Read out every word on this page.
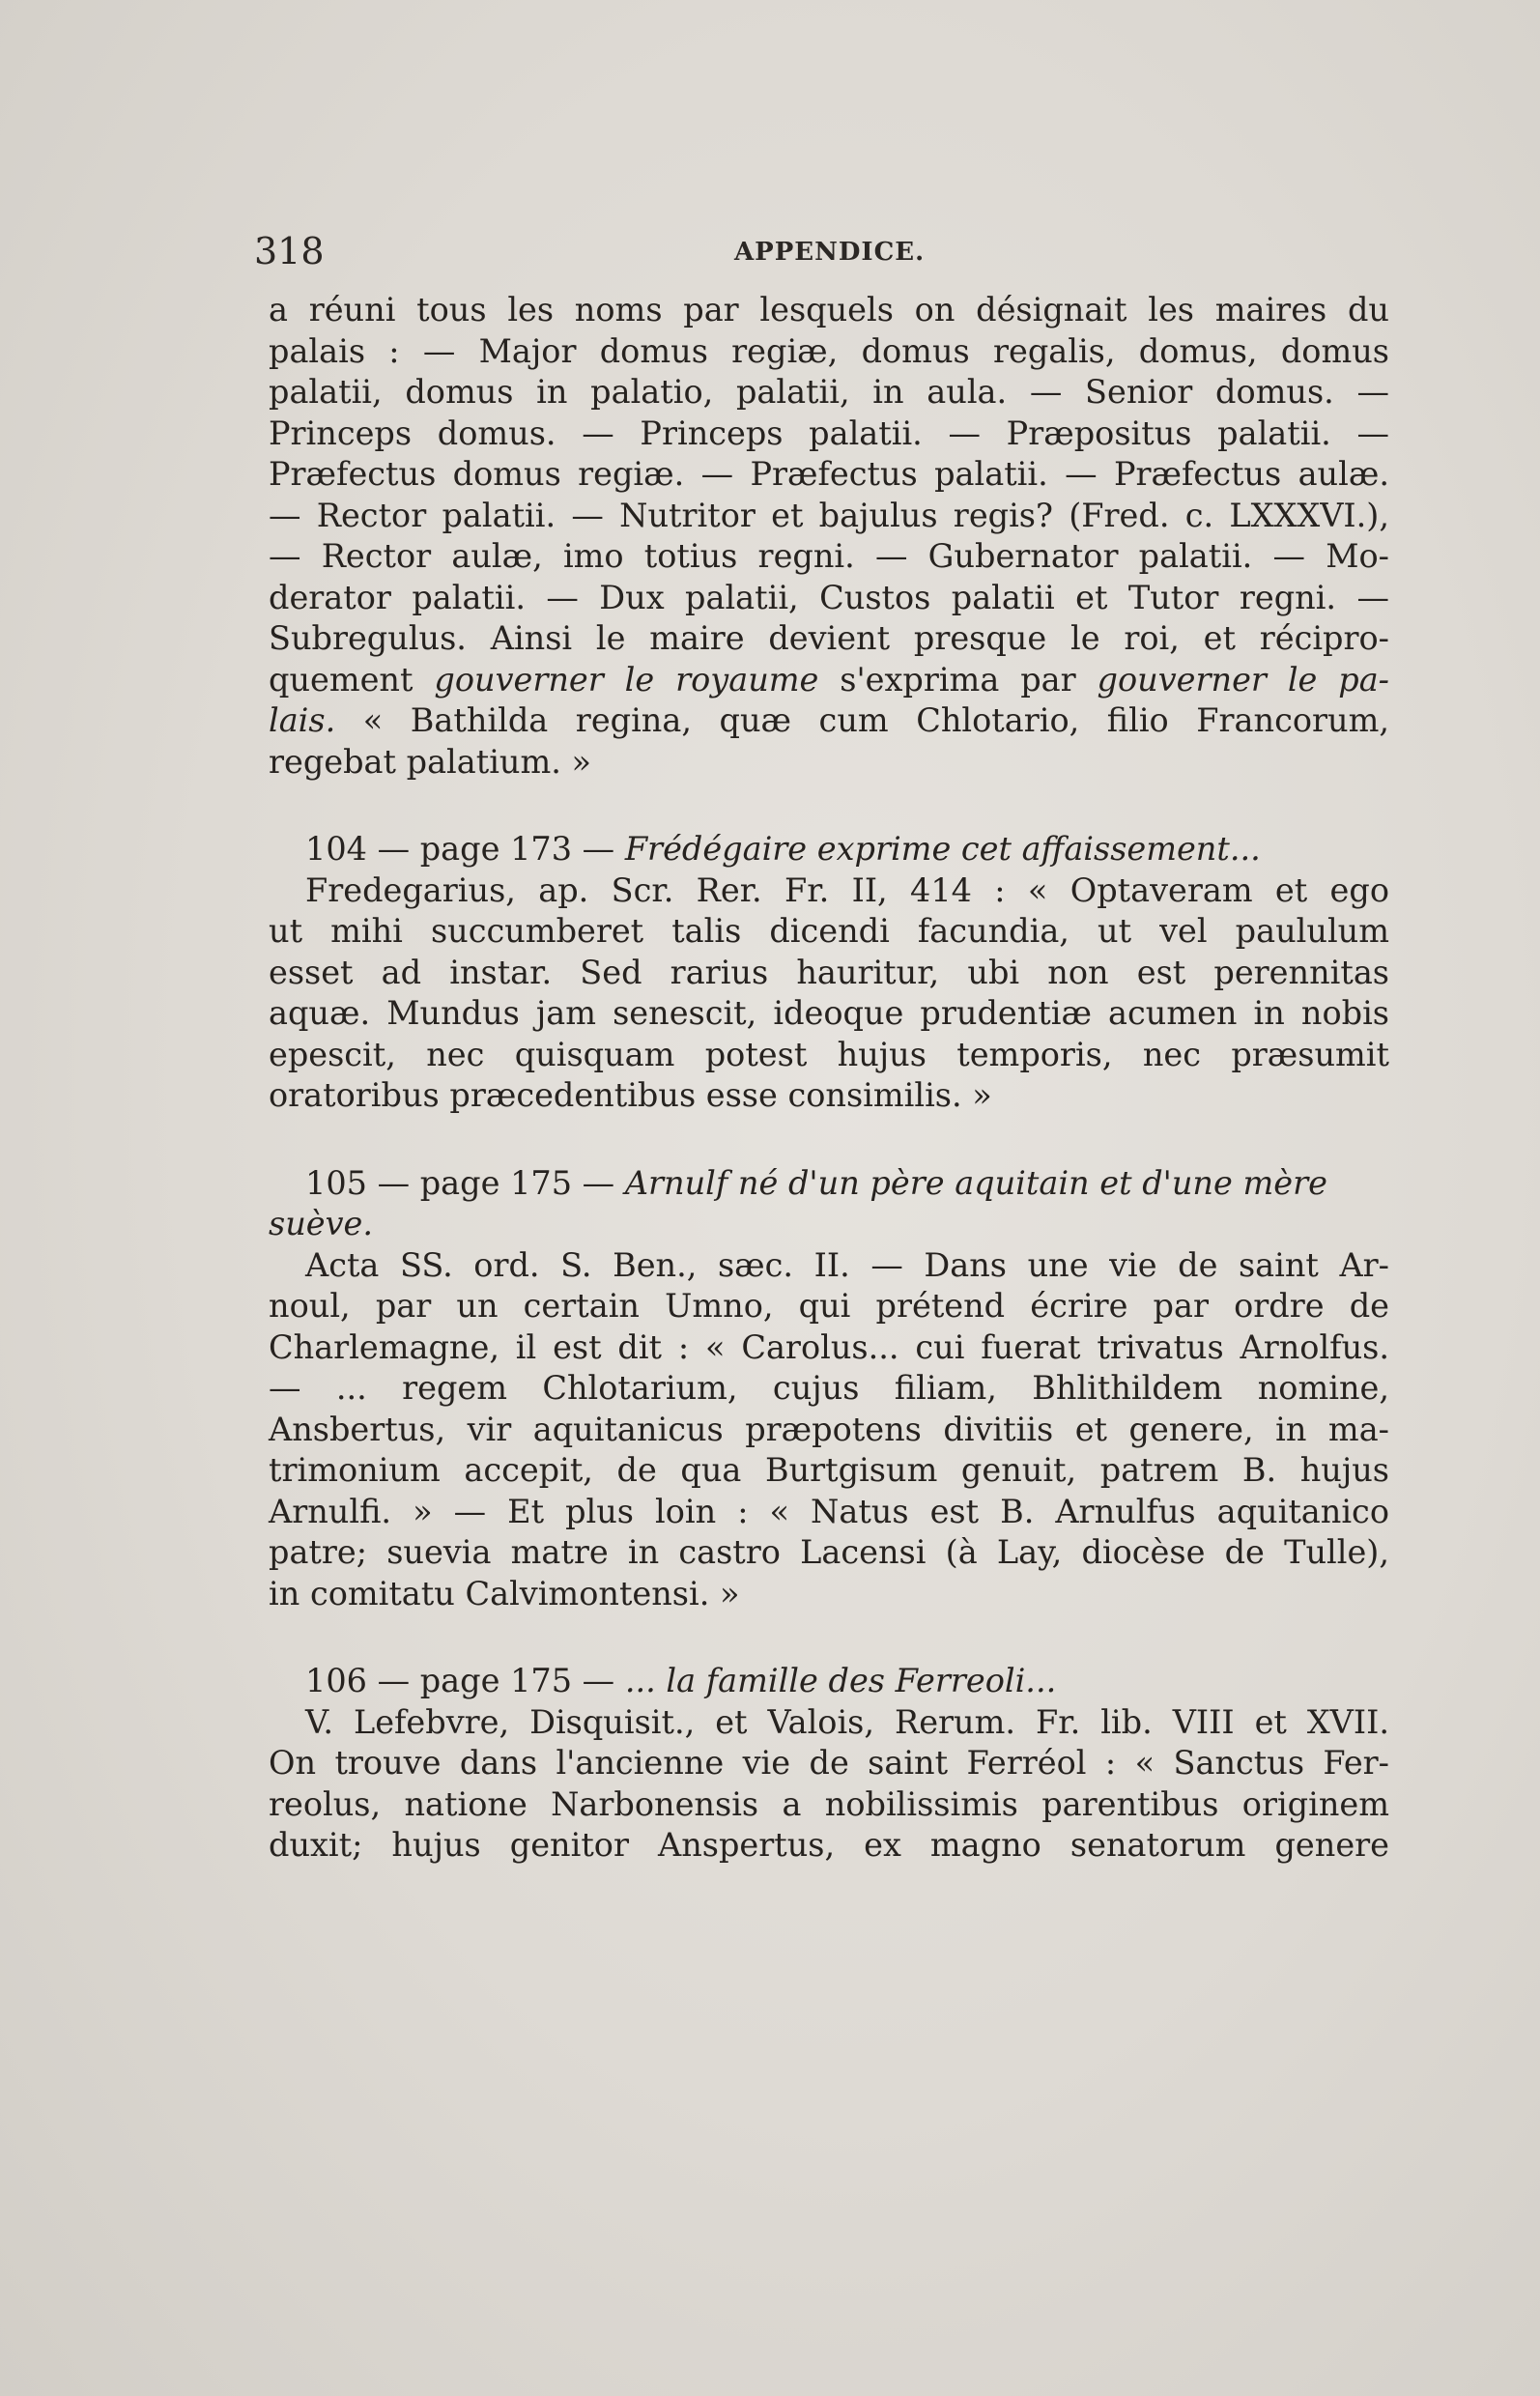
318	APPENDICE.
a réuni tous les noms par lesquels on désignait les maires du
palais : — Major domus regiæ, domus regalis, domus, domus
palatii, domus in palatio, palatii, in aula. — Senior domus. —
Princeps domus. — Princeps palatii. — Præpositus palatii. —
Præfectus domus regiæ. — Præfectus palatii. — Præfectus aulæ.
— Rector palatii. — Nutritor et bajulus regis? (Fred. c. LXXXVI.),
— Rector aulæ, imo totius regni. — Gubernator palatii. — Mo-
derator palatii. — Dux palatii, Custos palatii et Tutor regni. —
Subregulus. Ainsi le maire devient presque le roi, et récipro-
quement gouverner le royaume s'exprima par gouverner le pa-
lais. « Bathilda regina, quæ cum Chlotario, filio Francorum,
regebat palatium. »
104 — page 173 — Frédégaire exprime cet affaissement...
Fredegarius, ap. Scr. Rer. Fr. II, 414 : « Optaveram et ego
ut mihi succumberet talis dicendi facundia, ut vel paululum
esset ad instar. Sed rarius hauritur, ubi non est perennitas
aquæ. Mundus jam senescit, ideoque prudentiæ acumen in nobis
epescit, nec quisquam potest hujus temporis, nec præsumit
oratoribus præcedentibus esse consimilis. »
105 — page 175 — Arnulf né d'un père aquitain et d'une mère
suève.
Acta SS. ord. S. Ben., sæc. II. — Dans une vie de saint Ar-
noul, par un certain Umno, qui prétend écrire par ordre de
Charlemagne, il est dit : « Carolus... cui fuerat trivatus Arnolfus.
— ... regem Chlotarium, cujus filiam, Bhlithildem nomine,
Ansbertus, vir aquitanicus præpotens divitiis et genere, in ma-
trimonium accepit, de qua Burtgisum genuit, patrem B. hujus
Arnulfi. » — Et plus loin : « Natus est B. Arnulfus aquitanico
patre; suevia matre in castro Lacensi (à Lay, diocèse de Tulle),
in comitatu Calvimontensi. »
106 — page 175 — ... la famille des Ferreoli...
V. Lefebvre, Disquisit., et Valois, Rerum. Fr. lib. VIII et XVII.
On trouve dans l'ancienne vie de saint Ferréol : « Sanctus Fer-
reolus, natione Narbonensis a nobilissimis parentibus originem
duxit; hujus genitor Anspertus, ex magno senatorum genere
